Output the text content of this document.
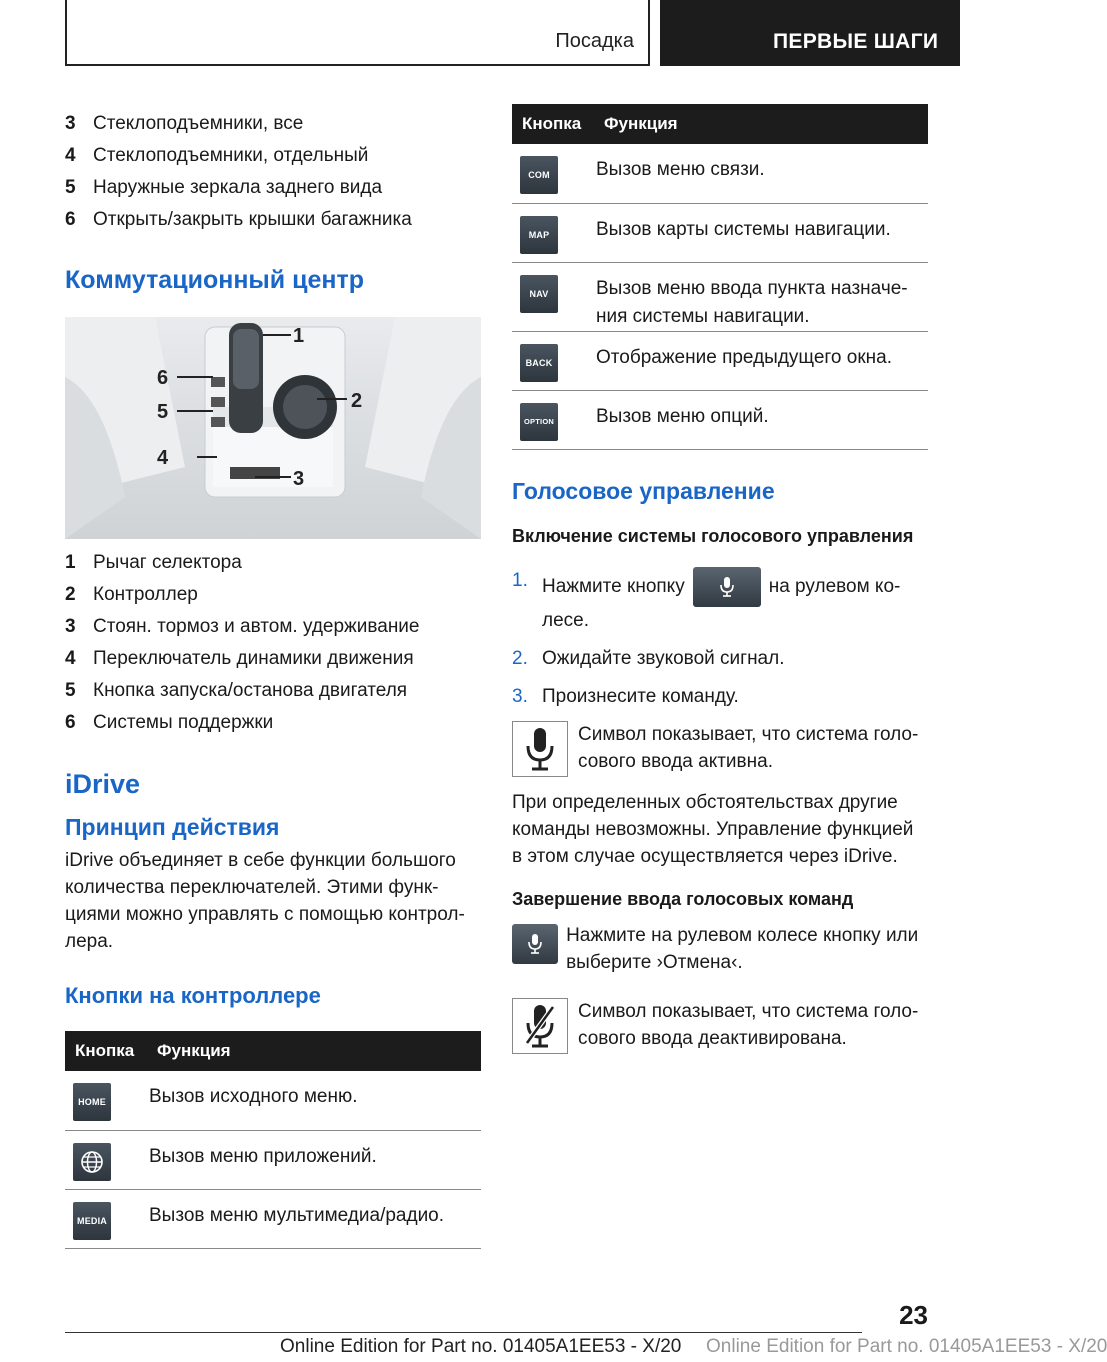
Посадка	ПЕРВЫЕ ШАГИ
3 Стеклоподъемники, все
4 Стеклоподъемники, отдельный
5 Наружные зеркала заднего вида
6 Открыть/закрыть крышки багажника
Коммутационный центр
1
2
3
4
5
6
1 Рычаг селектора
2 Контроллер
3 Стоян. тормоз и автом. удерживание
4 Переключатель динамики движения
5 Кнопка запуска/останова двигателя
6 Системы поддержки
iDrive
Принцип действия

iDrive объединяет в себе функции большого количества переключателей. Этими функ- циями можно управлять с помощью контрол- лера.

Кнопки на контроллере
Кнопка	Функция

HOME	Вызов исходного меню.

	Вызов меню приложений.

MEDIA	Вызов меню мультимедиа/радио.
Кнопка	Функция

COM	Вызов меню связи.

MAP	Вызов карты системы навигации.

NAV	Вызов меню ввода пункта назначе- ния системы навигации.

BACK	Отображение предыдущего окна.

OPTION	Вызов меню опций.
Голосовое управление
Включение системы голосового управления
1. Нажмите кнопку	на рулевом ко- лесе.
2. Ожидайте звуковой сигнал.
3. Произнесите команду.

Символ показывает, что система голо- сового ввода активна.

При определенных обстоятельствах другие команды невозможны. Управление функцией в этом случае осуществляется через iDrive.

Завершение ввода голосовых команд

Нажмите на рулевом колесе кнопку или выберите ›Отмена‹.

Символ показывает, что система голо- сового ввода деактивирована.

23
Online Edition for Part no. 01405A1EE53 - X/20	Online Edition for Part no. 01405A1EE53 - X/20
